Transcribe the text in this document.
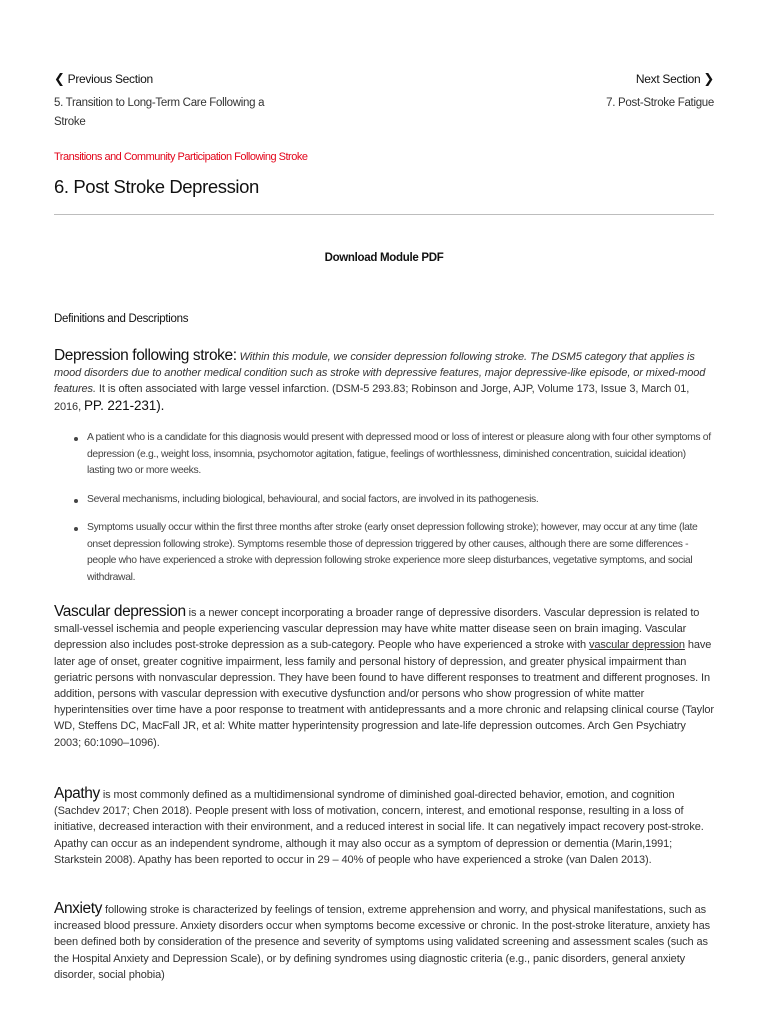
❮ Previous Section
5. Transition to Long-Term Care Following a Stroke
Next Section ❯
7. Post-Stroke Fatigue
Transitions and Community Participation Following Stroke
6. Post Stroke Depression
Download Module PDF
Definitions and Descriptions
Depression following stroke: Within this module, we consider depression following stroke. The DSM5 category that applies is mood disorders due to another medical condition such as stroke with depressive features, major depressive-like episode, or mixed-mood features. It is often associated with large vessel infarction. (DSM-5 293.83; Robinson and Jorge, AJP, Volume 173, Issue 3, March 01, 2016, PP. 221-231).
A patient who is a candidate for this diagnosis would present with depressed mood or loss of interest or pleasure along with four other symptoms of depression (e.g., weight loss, insomnia, psychomotor agitation, fatigue, feelings of worthlessness, diminished concentration, suicidal ideation) lasting two or more weeks.
Several mechanisms, including biological, behavioural, and social factors, are involved in its pathogenesis.
Symptoms usually occur within the first three months after stroke (early onset depression following stroke); however, may occur at any time (late onset depression following stroke). Symptoms resemble those of depression triggered by other causes, although there are some differences - people who have experienced a stroke with depression following stroke experience more sleep disturbances, vegetative symptoms, and social withdrawal.
Vascular depression is a newer concept incorporating a broader range of depressive disorders. Vascular depression is related to small-vessel ischemia and people experiencing vascular depression may have white matter disease seen on brain imaging. Vascular depression also includes post-stroke depression as a sub-category. People who have experienced a stroke with vascular depression have later age of onset, greater cognitive impairment, less family and personal history of depression, and greater physical impairment than geriatric persons with nonvascular depression. They have been found to have different responses to treatment and different prognoses. In addition, persons with vascular depression with executive dysfunction and/or persons who show progression of white matter hyperintensities over time have a poor response to treatment with antidepressants and a more chronic and relapsing clinical course (Taylor WD, Steffens DC, MacFall JR, et al: White matter hyperintensity progression and late-life depression outcomes. Arch Gen Psychiatry 2003; 60:1090–1096).
Apathy is most commonly defined as a multidimensional syndrome of diminished goal-directed behavior, emotion, and cognition (Sachdev 2017; Chen 2018). People present with loss of motivation, concern, interest, and emotional response, resulting in a loss of initiative, decreased interaction with their environment, and a reduced interest in social life. It can negatively impact recovery post-stroke. Apathy can occur as an independent syndrome, although it may also occur as a symptom of depression or dementia (Marin,1991; Starkstein 2008). Apathy has been reported to occur in 29 – 40% of people who have experienced a stroke (van Dalen 2013).
Anxiety following stroke is characterized by feelings of tension, extreme apprehension and worry, and physical manifestations, such as increased blood pressure. Anxiety disorders occur when symptoms become excessive or chronic. In the post-stroke literature, anxiety has been defined both by consideration of the presence and severity of symptoms using validated screening and assessment scales (such as the Hospital Anxiety and Depression Scale), or by defining syndromes using diagnostic criteria (e.g., panic disorders, general anxiety disorder, social phobia)
